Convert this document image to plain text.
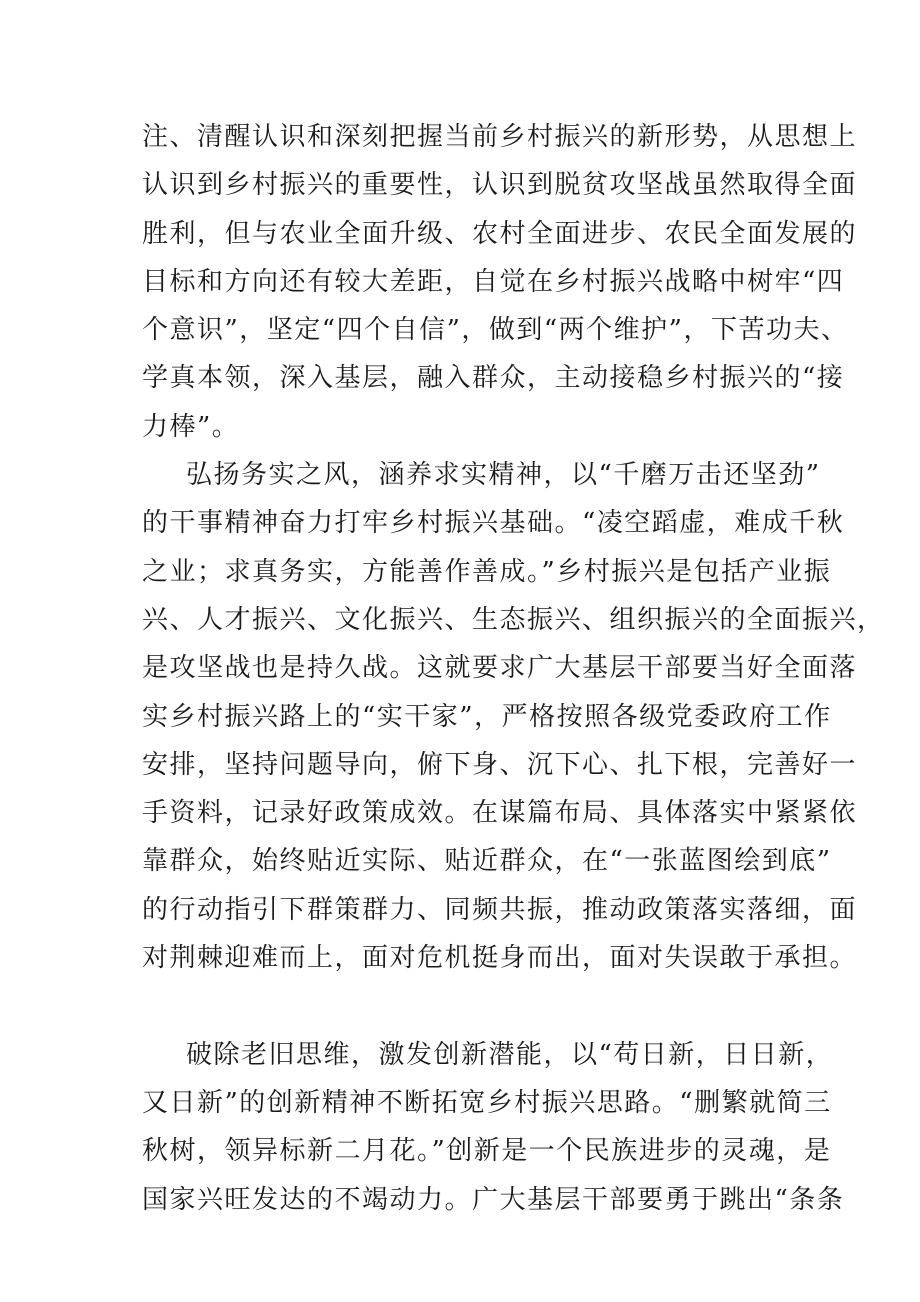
注、清醒认识和深刻把握当前乡村振兴的新形势，从思想上
认识到乡村振兴的重要性，认识到脱贫攻坚战虽然取得全面
胜利，但与农业全面升级、农村全面进步、农民全面发展的
目标和方向还有较大差距，自觉在乡村振兴战略中树牢“四
个意识”，坚定“四个自信”，做到“两个维护”，下苦功夫、
学真本领，深入基层，融入群众，主动接稳乡村振兴的“接
力棒”。
弘扬务实之风，涵养求实精神，以“千磨万击还坚劲”
的干事精神奋力打牢乡村振兴基础。“凌空蹈虚，难成千秋
之业；求真务实，方能善作善成。”乡村振兴是包括产业振
兴、人才振兴、文化振兴、生态振兴、组织振兴的全面振兴，
是攻坚战也是持久战。这就要求广大基层干部要当好全面落
实乡村振兴路上的“实干家”，严格按照各级党委政府工作
安排，坚持问题导向，俯下身、沉下心、扎下根，完善好一
手资料，记录好政策成效。在谋篇布局、具体落实中紧紧依
靠群众，始终贴近实际、贴近群众，在“一张蓝图绘到底”
的行动指引下群策群力、同频共振，推动政策落实落细，面
对荆棘迎难而上，面对危机挺身而出，面对失误敢于承担。
破除老旧思维，激发创新潜能，以“苟日新，日日新，
又日新”的创新精神不断拓宽乡村振兴思路。“删繁就简三
秋树，领异标新二月花。”创新是一个民族进步的灵魂，是
国家兴旺发达的不竭动力。广大基层干部要勇于跳出“条条
